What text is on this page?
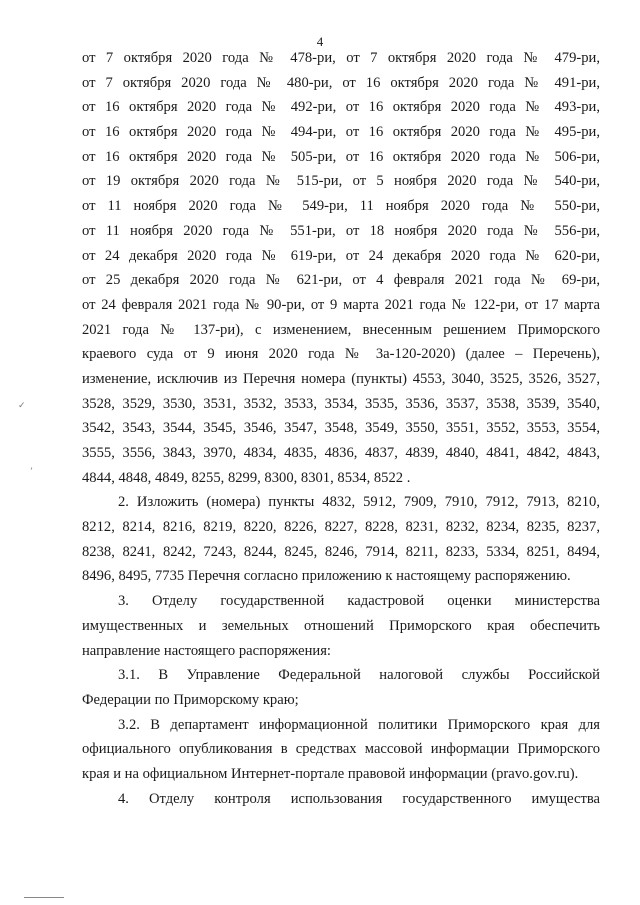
4
от 7 октября 2020 года № 478-ри, от 7 октября 2020 года № 479-ри,
от 7 октября 2020 года № 480-ри, от 16 октября 2020 года № 491-ри,
от 16 октября 2020 года № 492-ри, от 16 октября 2020 года № 493-ри,
от 16 октября 2020 года № 494-ри, от 16 октября 2020 года № 495-ри,
от 16 октября 2020 года № 505-ри, от 16 октября 2020 года № 506-ри,
от 19 октября 2020 года № 515-ри, от 5 ноября 2020 года № 540-ри,
от 11 ноября 2020 года № 549-ри, 11 ноября 2020 года № 550-ри,
от 11 ноября 2020 года № 551-ри, от 18 ноября 2020 года № 556-ри,
от 24 декабря 2020 года № 619-ри, от 24 декабря 2020 года № 620-ри,
от 25 декабря 2020 года № 621-ри, от 4 февраля 2021 года № 69-ри,
от 24 февраля 2021 года № 90-ри, от 9 марта 2021 года № 122-ри, от 17 марта
2021 года № 137-ри), с изменением, внесенным решением Приморского
краевого суда от 9 июня 2020 года № 3а-120-2020) (далее – Перечень),
изменение, исключив из Перечня номера (пункты) 4553, 3040, 3525, 3526, 3527,
3528, 3529, 3530, 3531, 3532, 3533, 3534, 3535, 3536, 3537, 3538, 3539, 3540,
3542, 3543, 3544, 3545, 3546, 3547, 3548, 3549, 3550, 3551, 3552, 3553, 3554,
3555, 3556, 3843, 3970, 4834, 4835, 4836, 4837, 4839, 4840, 4841, 4842, 4843,
4844, 4848, 4849, 8255, 8299, 8300, 8301, 8534, 8522 .
2. Изложить (номера) пункты 4832, 5912, 7909, 7910, 7912, 7913, 8210,
8212, 8214, 8216, 8219, 8220, 8226, 8227, 8228, 8231, 8232, 8234, 8235, 8237,
8238, 8241, 8242, 7243, 8244, 8245, 8246, 7914, 8211, 8233, 5334, 8251, 8494,
8496, 8495, 7735 Перечня согласно приложению к настоящему распоряжению.
3. Отделу государственной кадастровой оценки министерства
имущественных и земельных отношений Приморского края обеспечить
направление настоящего распоряжения:
3.1. В Управление Федеральной налоговой службы Российской
Федерации по Приморскому краю;
3.2. В департамент информационной политики Приморского края для
официального опубликования в средствах массовой информации Приморского
края и на официальном Интернет-портале правовой информации (pravo.gov.ru).
4. Отделу контроля использования государственного имущества
✓
ʼ
